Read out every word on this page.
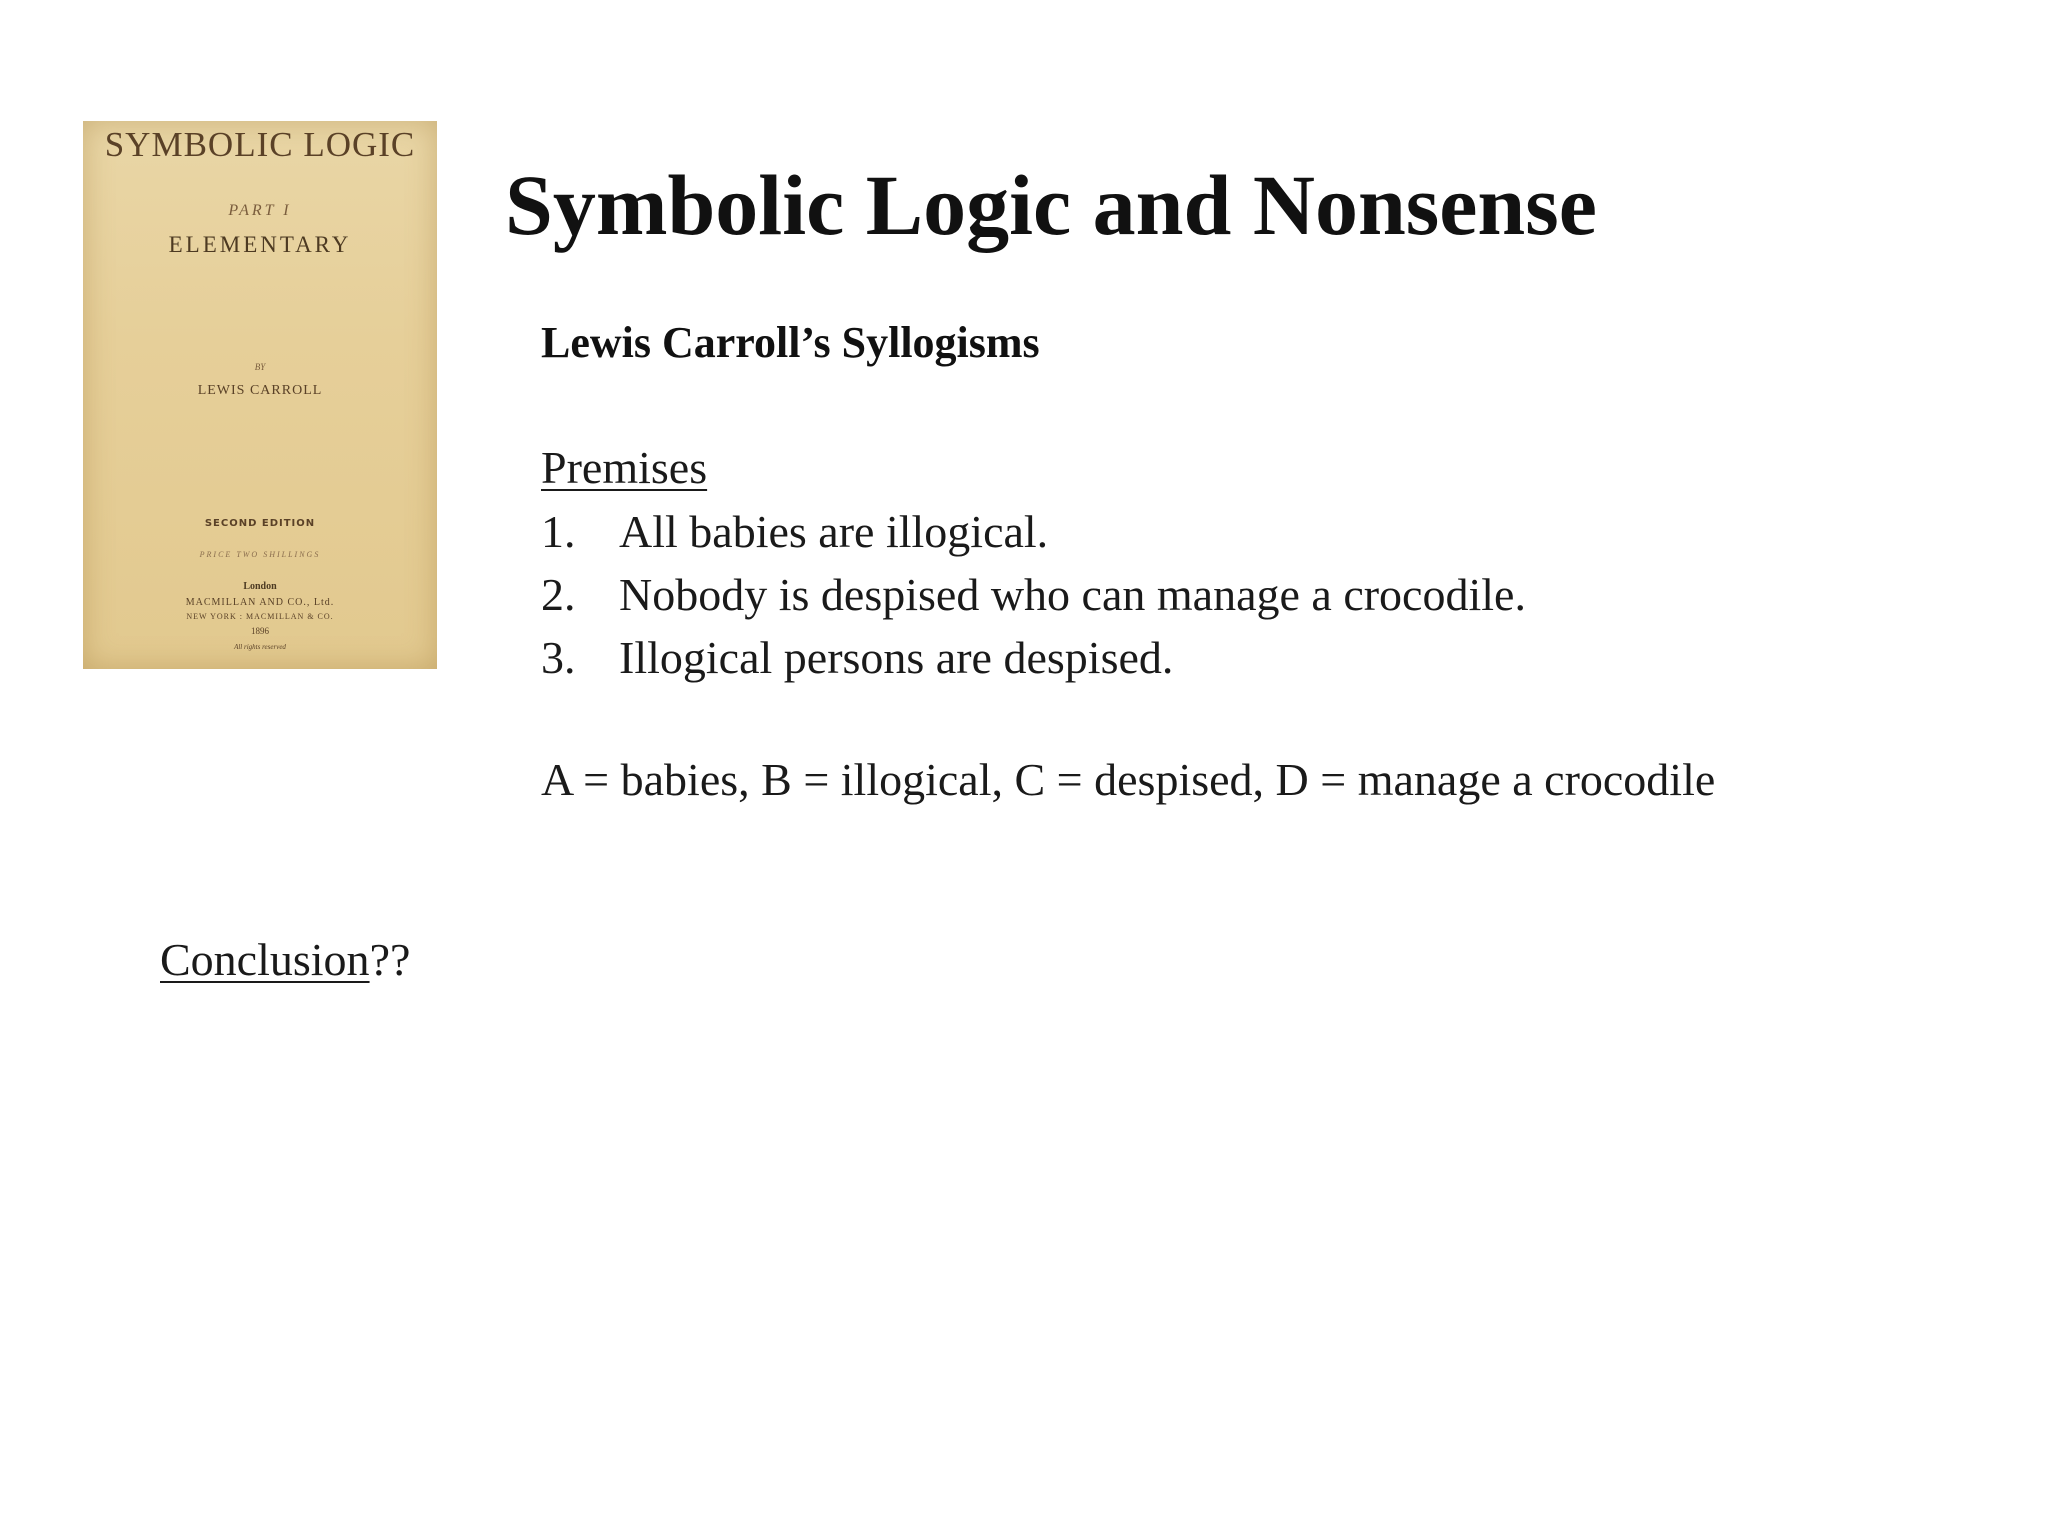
SYMBOLIC LOGIC
PART I
ELEMENTARY
BY
LEWIS CARROLL
SECOND EDITION
PRICE TWO SHILLINGS
London
MACMILLAN AND CO., Ltd.
NEW YORK : MACMILLAN & CO.
1896
All rights reserved
Symbolic Logic and Nonsense
Lewis Carroll’s Syllogisms
Premises
1. All babies are illogical.
2. Nobody is despised who can manage a crocodile.
3. Illogical persons are despised.
A = babies, B = illogical, C = despised, D = manage a crocodile
Conclusion??
